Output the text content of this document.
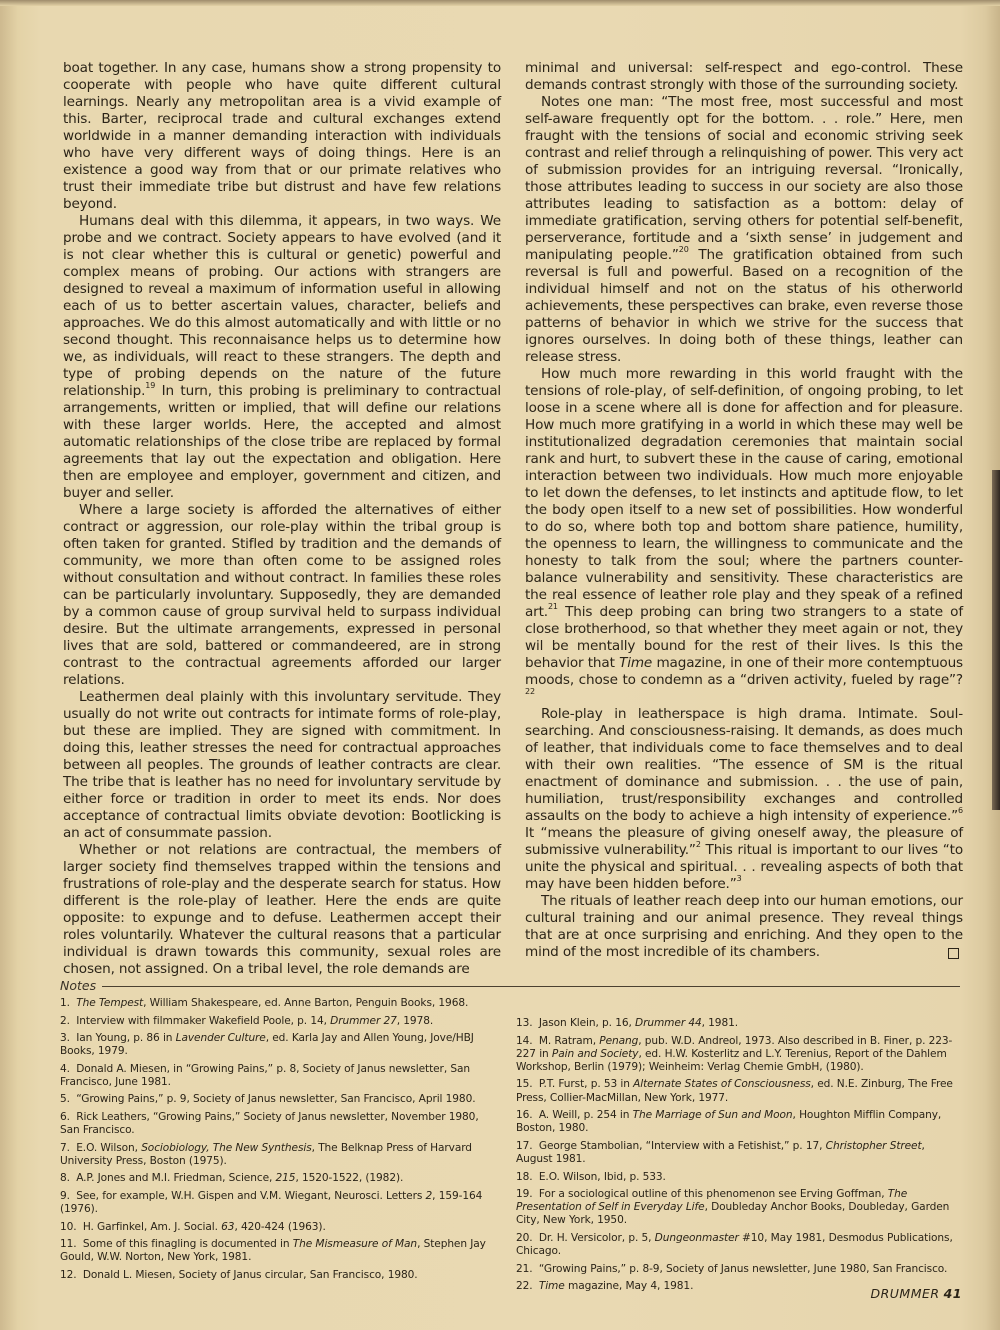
boat together. In any case, humans show a strong propensity to cooperate with people who have quite different cultural learnings. Nearly any metropolitan area is a vivid example of this. Barter, reciprocal trade and cultural exchanges extend worldwide in a manner demanding interaction with individuals who have very different ways of doing things. Here is an existence a good way from that or our primate relatives who trust their immediate tribe but distrust and have few relations beyond.

Humans deal with this dilemma, it appears, in two ways. We probe and we contract. Society appears to have evolved (and it is not clear whether this is cultural or genetic) powerful and complex means of probing. Our actions with strangers are designed to reveal a maximum of information useful in allowing each of us to better ascertain values, character, beliefs and approaches. We do this almost automatically and with little or no second thought. This reconnaisance helps us to determine how we, as individuals, will react to these strangers. The depth and type of probing depends on the nature of the future relationship.$^{19}$ In turn, this probing is preliminary to contractual arrangements, written or implied, that will define our relations with these larger worlds. Here, the accepted and almost automatic relationships of the close tribe are replaced by formal agreements that lay out the expectation and obligation. Here then are employee and employer, government and citizen, and buyer and seller.

Where a large society is afforded the alternatives of either contract or aggression, our role-play within the tribal group is often taken for granted. Stifled by tradition and the demands of community, we more than often come to be assigned roles without consultation and without contract. In families these roles can be particularly involuntary. Supposedly, they are demanded by a common cause of group survival held to surpass individual desire. But the ultimate arrangements, expressed in personal lives that are sold, battered or commandeered, are in strong contrast to the contractual agreements afforded our larger relations.

Leathermen deal plainly with this involuntary servitude. They usually do not write out contracts for intimate forms of role-play, but these are implied. They are signed with commitment. In doing this, leather stresses the need for contractual approaches between all peoples. The grounds of leather contracts are clear. The tribe that is leather has no need for involuntary servitude by either force or tradition in order to meet its ends. Nor does acceptance of contractual limits obviate devotion: Bootlicking is an act of consummate passion.

Whether or not relations are contractual, the members of larger society find themselves trapped within the tensions and frustrations of role-play and the desperate search for status. How different is the role-play of leather. Here the ends are quite opposite: to expunge and to defuse. Leathermen accept their roles voluntarily. Whatever the cultural reasons that a particular individual is drawn towards this community, sexual roles are chosen, not assigned. On a tribal level, the role demands are

minimal and universal: self-respect and ego-control. These demands contrast strongly with those of the surrounding society.

Notes one man: “The most free, most successful and most self-aware frequently opt for the bottom. . . role.” Here, men fraught with the tensions of social and economic striving seek contrast and relief through a relinquishing of power. This very act of submission provides for an intriguing reversal. “Ironically, those attributes leading to success in our society are also those attributes leading to satisfaction as a bottom: delay of immediate gratification, serving others for potential self-benefit, perserverance, fortitude and a ‘sixth sense’ in judgement and manipulating people.”$^{20}$ The gratification obtained from such reversal is full and powerful. Based on a recognition of the individual himself and not on the status of his otherworld achievements, these perspectives can brake, even reverse those patterns of behavior in which we strive for the success that ignores ourselves. In doing both of these things, leather can release stress.

How much more rewarding in this world fraught with the tensions of role-play, of self-definition, of ongoing probing, to let loose in a scene where all is done for affection and for pleasure. How much more gratifying in a world in which these may well be institutionalized degradation ceremonies that maintain social rank and hurt, to subvert these in the cause of caring, emotional interaction between two individuals. How much more enjoyable to let down the defenses, to let instincts and aptitude flow, to let the body open itself to a new set of possibilities. How wonderful to do so, where both top and bottom share patience, humility, the openness to learn, the willingness to communicate and the honesty to talk from the soul; where the partners counter-balance vulnerability and sensitivity. These characteristics are the real essence of leather role play and they speak of a refined art.$^{21}$ This deep probing can bring two strangers to a state of close brotherhood, so that whether they meet again or not, they wil be mentally bound for the rest of their lives. Is this the behavior that Time magazine, in one of their more contemptuous moods, chose to condemn as a “driven activity, fueled by rage”?$^{22}$

Role-play in leatherspace is high drama. Intimate. Soul-searching. And consciousness-raising. It demands, as does much of leather, that individuals come to face themselves and to deal with their own realities. “The essence of SM is the ritual enactment of dominance and submission. . . the use of pain, humiliation, trust/responsibility exchanges and controlled assaults on the body to achieve a high intensity of experience.”$^6$ It “means the pleasure of giving oneself away, the pleasure of submissive vulnerability.”$^2$ This ritual is important to our lives “to unite the physical and spiritual. . . revealing aspects of both that may have been hidden before.”$^3$

The rituals of leather reach deep into our human emotions, our cultural training and our animal presence. They reveal things that are at once surprising and enriching. And they open to the mind of the most incredible of its chambers.

Notes

1. The Tempest, William Shakespeare, ed. Anne Barton, Penguin Books, 1968.

2. Interview with filmmaker Wakefield Poole, p. 14, Drummer 27, 1978.

3. Ian Young, p. 86 in Lavender Culture, ed. Karla Jay and Allen Young, Jove/HBJ Books, 1979.

4. Donald A. Miesen, in “Growing Pains,” p. 8, Society of Janus newsletter, San Francisco, June 1981.

5. “Growing Pains,” p. 9, Society of Janus newsletter, San Francisco, April 1980.

6. Rick Leathers, “Growing Pains,” Society of Janus newsletter, November 1980, San Francisco.

7. E.O. Wilson, Sociobiology, The New Synthesis, The Belknap Press of Harvard University Press, Boston (1975).

8. A.P. Jones and M.I. Friedman, Science, 215, 1520-1522, (1982).

9. See, for example, W.H. Gispen and V.M. Wiegant, Neurosci. Letters 2, 159-164 (1976).

10. H. Garfinkel, Am. J. Social. 63, 420-424 (1963).

11. Some of this finagling is documented in The Mismeasure of Man, Stephen Jay Gould, W.W. Norton, New York, 1981.

12. Donald L. Miesen, Society of Janus circular, San Francisco, 1980.

13. Jason Klein, p. 16, Drummer 44, 1981.

14. M. Ratram, Penang, pub. W.D. Andreol, 1973. Also described in B. Finer, p. 223-227 in Pain and Society, ed. H.W. Kosterlitz and L.Y. Terenius, Report of the Dahlem Workshop, Berlin (1979); Weinheim: Verlag Chemie GmbH, (1980).

15. P.T. Furst, p. 53 in Alternate States of Consciousness, ed. N.E. Zinburg, The Free Press, Collier-MacMillan, New York, 1977.

16. A. Weill, p. 254 in The Marriage of Sun and Moon, Houghton Mifflin Company, Boston, 1980.

17. George Stambolian, “Interview with a Fetishist,” p. 17, Christopher Street, August 1981.

18. E.O. Wilson, Ibid, p. 533.

19. For a sociological outline of this phenomenon see Erving Goffman, The Presentation of Self in Everyday Life, Doubleday Anchor Books, Doubleday, Garden City, New York, 1950.

20. Dr. H. Versicolor, p. 5, Dungeonmaster #10, May 1981, Desmodus Publications, Chicago.

21. “Growing Pains,” p. 8-9, Society of Janus newsletter, June 1980, San Francisco.

22. Time magazine, May 4, 1981.	DRUMMER 41
